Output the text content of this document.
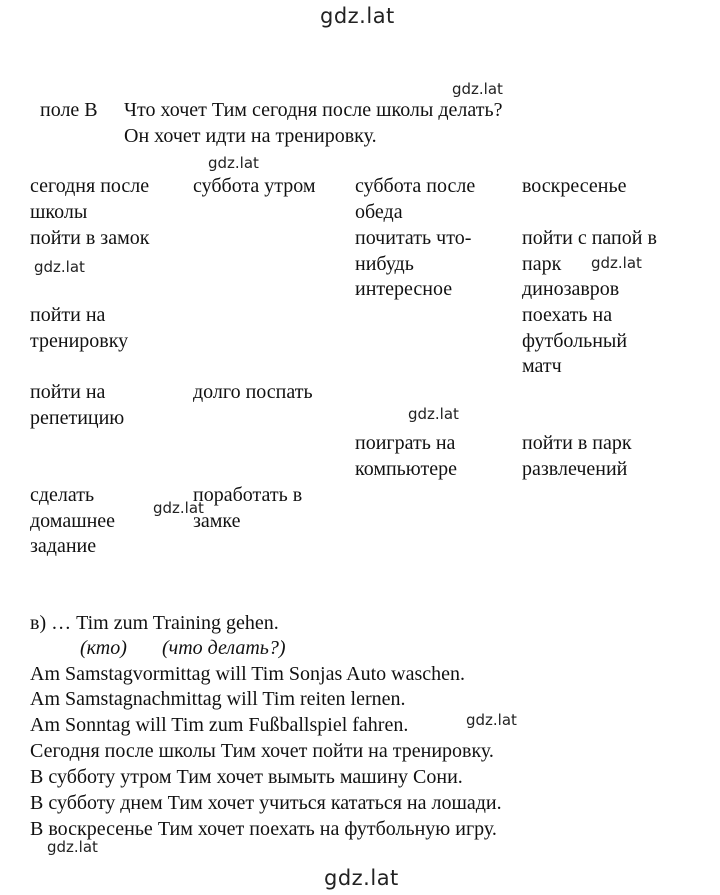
gdz.lat
gdz.lat
gdz.lat
gdz.lat	gdz.lat
gdz.lat
gdz.lat
gdz.lat
gdz.lat
gdz.lat
поле B Что хочет Тим сегодня после школы делать?
Он хочет идти на тренировку.
сегодня после
школы
суббота утром суббота после
обеда
воскресенье
пойти в замок	почитать что-
нибудь
интересное
пойти с папой в
парк
динозавров
пойти на
тренировку
поехать на
футбольный
матч
пойти на
репетицию
долго поспать
поиграть на
компьютере
пойти в парк
развлечений
сделать
домашнее
задание
поработать в
замке
в) … Tim zum Training gehen.
(кто) (что делать?)
Am Samstagvormittag will Tim Sonjas Auto waschen.
Am Samstagnachmittag will Tim reiten lernen.
Am Sonntag will Tim zum Fußballspiel fahren.
Сегодня после школы Тим хочет пойти на тренировку.
В субботу утром Тим хочет вымыть машину Сони.
В субботу днем Тим хочет учиться кататься на лошади.
В воскресенье Тим хочет поехать на футбольную игру.
